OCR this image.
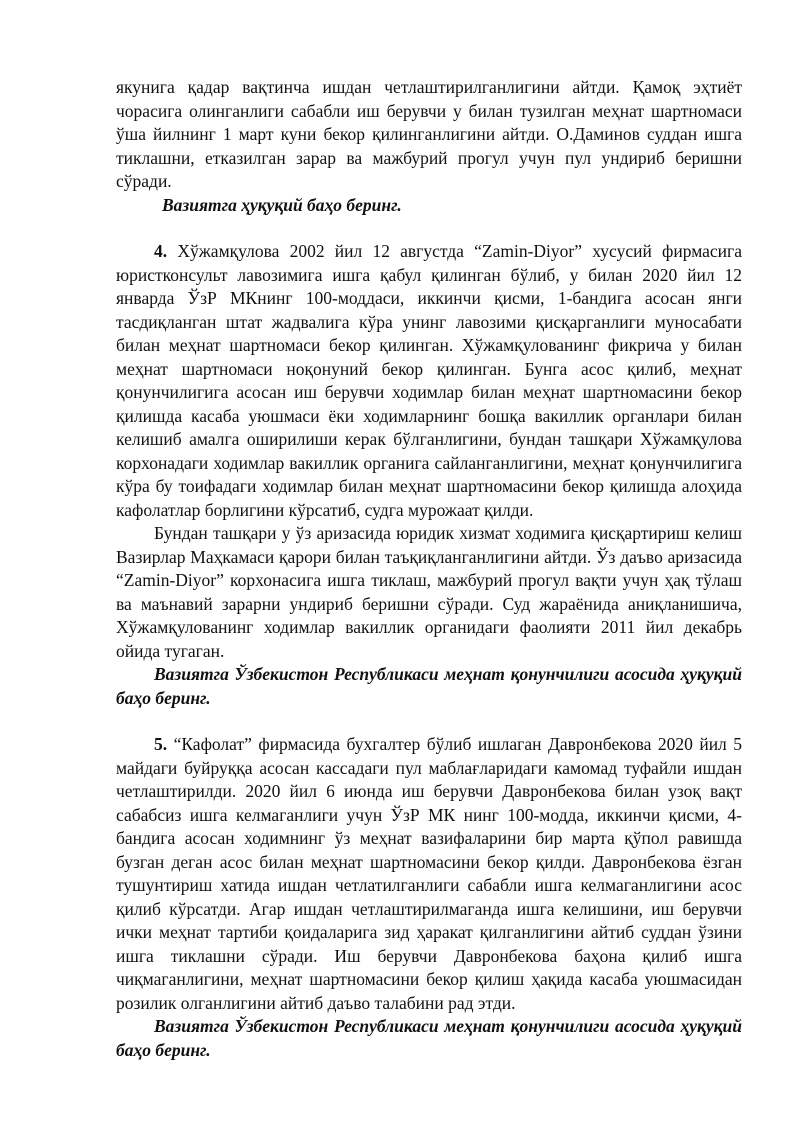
якунига қадар вақтинча ишдан четлаштирилганлигини айтди. Қамоқ эҳтиёт чорасига олинганлиги сабабли иш берувчи у билан тузилган меҳнат шартномаси ўша йилнинг 1 март куни бекор қилинганлигини айтди. О.Даминов суддан ишга тиклашни, етказилган зарар ва мажбурий прогул учун пул ундириб беришни сўради.

Вазиятга ҳуқуқий баҳо беринг.

4. Хўжамқулова 2002 йил 12 августда “Zamin-Diyor” хусусий фирмасига юристконсульт лавозимига ишга қабул қилинган бўлиб, у билан 2020 йил 12 январда ЎзР МКнинг 100-моддаси, иккинчи қисми, 1-бандига асосан янги тасдиқланган штат жадвалига кўра унинг лавозими қисқарганлиги муносабати билан меҳнат шартномаси бекор қилинган. Хўжамқулованинг фикрича у билан меҳнат шартномаси ноқонуний бекор қилинган. Бунга асос қилиб, меҳнат қонунчилигига асосан иш берувчи ходимлар билан меҳнат шартномасини бекор қилишда касаба уюшмаси ёки ходимларнинг бошқа вакиллик органлари билан келишиб амалга оширилиши керак бўлганлигини, бундан ташқари Хўжамқулова корхонадаги ходимлар вакиллик органига сайланганлигини, меҳнат қонунчилигига кўра бу тоифадаги ходимлар билан меҳнат шартномасини бекор қилишда алоҳида кафолатлар борлигини кўрсатиб, судга мурожаат қилди.

Бундан ташқари у ўз аризасида юридик хизмат ходимига қисқартириш келиш Вазирлар Маҳкамаси қарори билан таъқиқланганлигини айтди. Ўз даъво аризасида “Zamin-Diyor” корхонасига ишга тиклаш, мажбурий прогул вақти учун ҳақ тўлаш ва маънавий зарарни ундириб беришни сўради. Суд жараёнида аниқланишича, Хўжамқулованинг ходимлар вакиллик органидаги фаолияти 2011 йил декабрь ойида тугаган.

Вазиятга Ўзбекистон Республикаси меҳнат қонунчилиги асосида ҳуқуқий баҳо беринг.

5. “Кафолат” фирмасида бухгалтер бўлиб ишлаган Давронбекова 2020 йил 5 майдаги буйруққа асосан кассадаги пул маблағларидаги камомад туфайли ишдан четлаштирилди. 2020 йил 6 июнда иш берувчи Давронбекова билан узоқ вақт сабабсиз ишга келмаганлиги учун ЎзР МК нинг 100-модда, иккинчи қисми, 4-бандига асосан ходимнинг ўз меҳнат вазифаларини бир марта қўпол равишда бузган деган асос билан меҳнат шартномасини бекор қилди. Давронбекова ёзган тушунтириш хатида ишдан четлатилганлиги сабабли ишга келмаганлигини асос қилиб кўрсатди. Агар ишдан четлаштирилмаганда ишга келишини, иш берувчи ички меҳнат тартиби қоидаларига зид ҳаракат қилганлигини айтиб суддан ўзини ишга тиклашни сўради. Иш берувчи Давронбекова баҳона қилиб ишга чиқмаганлигини, меҳнат шартномасини бекор қилиш ҳақида касаба уюшмасидан розилик олганлигини айтиб даъво талабини рад этди.

Вазиятга Ўзбекистон Республикаси меҳнат қонунчилиги асосида ҳуқуқий баҳо беринг.
